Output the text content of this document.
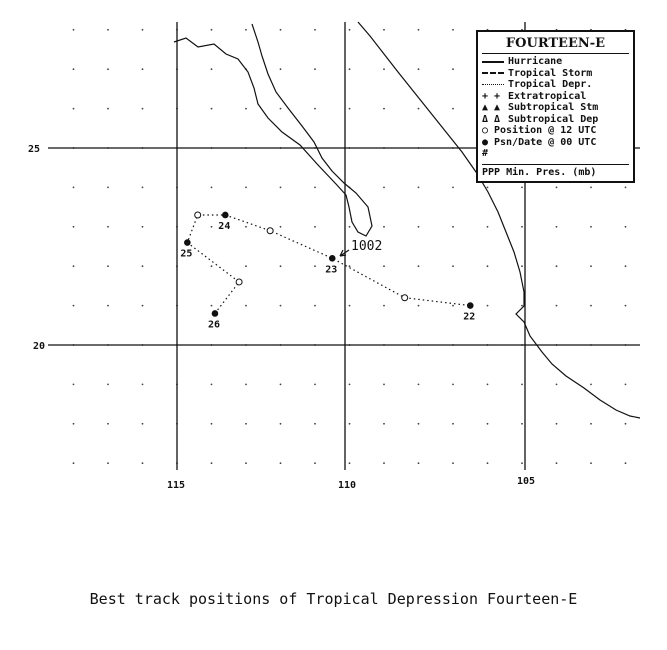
25
20
115	110	105
26
25
24
23
22
1002
FOURTEEN-E
Hurricane
Tropical Storm
Tropical Depr.
+ + Extratropical
▲ ▲ Subtropical Stm
Δ Δ Subtropical Dep
○ Position @ 12 UTC
● Psn/Date @ 00 UTC
#
PPP Min. Pres. (mb)
Best track positions of Tropical Depression Fourteen-E
